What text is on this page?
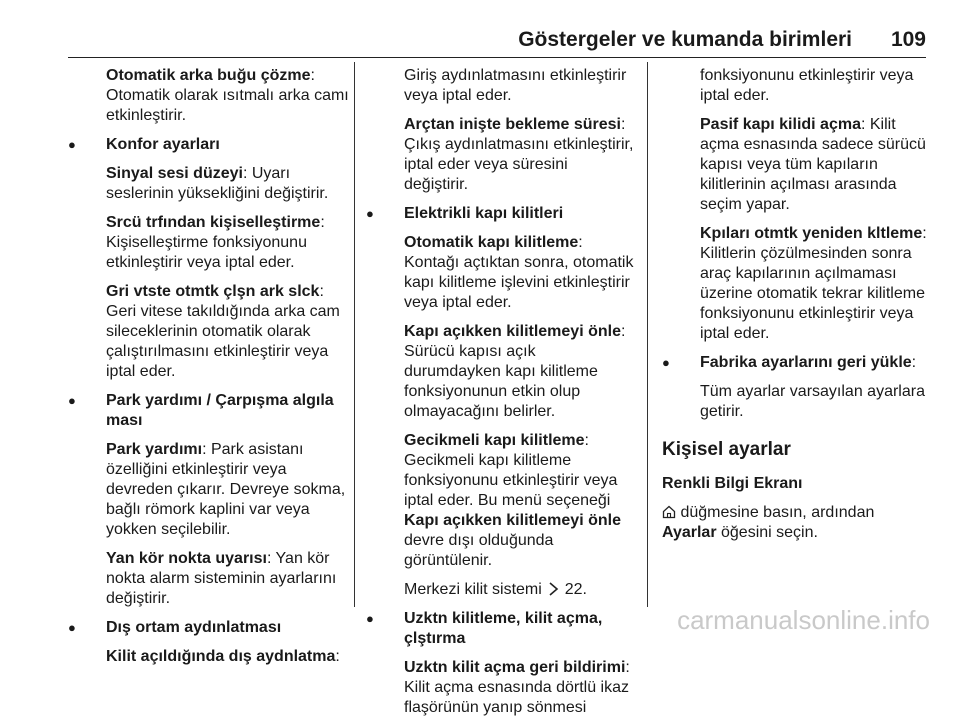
Göstergeler ve kumanda birimleri 109

Otomatik arka buğu çözme: Otomatik olarak ısıtmalı arka camı etkinleştirir.

● Konfor ayarları

Sinyal sesi düzeyi: Uyarı seslerinin yüksekliğini değiştirir.

Srcü trfından kişiselleştirme: Kişiselleştirme fonksiyonunu etkinleştirir veya iptal eder.

Gri vtste otmtk çlşn ark slck: Geri vitese takıldığında arka cam sileceklerinin otomatik olarak çalıştırılmasını etkinleştirir veya iptal eder.

● Park yardımı / Çarpışma algıla ması

Park yardımı: Park asistanı özelliğini etkinleştirir veya devreden çıkarır. Devreye sokma, bağlı römork kaplini var veya yokken seçilebilir.

Yan kör nokta uyarısı: Yan kör nokta alarm sisteminin ayarlarını değiştirir.

● Dış ortam aydınlatması

Kilit açıldığında dış aydnlatma:

Giriş aydınlatmasını etkinleştirir veya iptal eder.

Arçtan inişte bekleme süresi: Çıkış aydınlatmasını etkinleştirir, iptal eder veya süresini değiştirir.

● Elektrikli kapı kilitleri

Otomatik kapı kilitleme: Kontağı açtıktan sonra, otomatik kapı kilitleme işlevini etkinleştirir veya iptal eder.

Kapı açıkken kilitlemeyi önle: Sürücü kapısı açık durumdayken kapı kilitleme fonksiyonunun etkin olup olmayacağını belirler.

Gecikmeli kapı kilitleme: Gecikmeli kapı kilitleme fonksiyonunu etkinleştirir veya iptal eder. Bu menü seçeneği Kapı açıkken kilitlemeyi önle devre dışı olduğunda görüntülenir.

Merkezi kilit sistemi 22.

● Uzktn kilitleme, kilit açma, çlştırma

Uzktn kilit açma geri bildirimi: Kilit açma esnasında dörtlü ikaz flaşörünün yanıp sönmesi

fonksiyonunu etkinleştirir veya iptal eder.

Pasif kapı kilidi açma: Kilit açma esnasında sadece sürücü kapısı veya tüm kapıların kilitlerinin açılması arasında seçim yapar.

Kpıları otmtk yeniden kltleme: Kilitlerin çözülmesinden sonra araç kapılarının açılmaması üzerine otomatik tekrar kilitleme fonksiyonunu etkinleştirir veya iptal eder.

● Fabrika ayarlarını geri yükle:

Tüm ayarlar varsayılan ayarlara getirir.

Kişisel ayarlar
Renkli Bilgi Ekranı

düğmesine basın, ardından
Ayarlar öğesini seçin.

carmanualsonline.info
